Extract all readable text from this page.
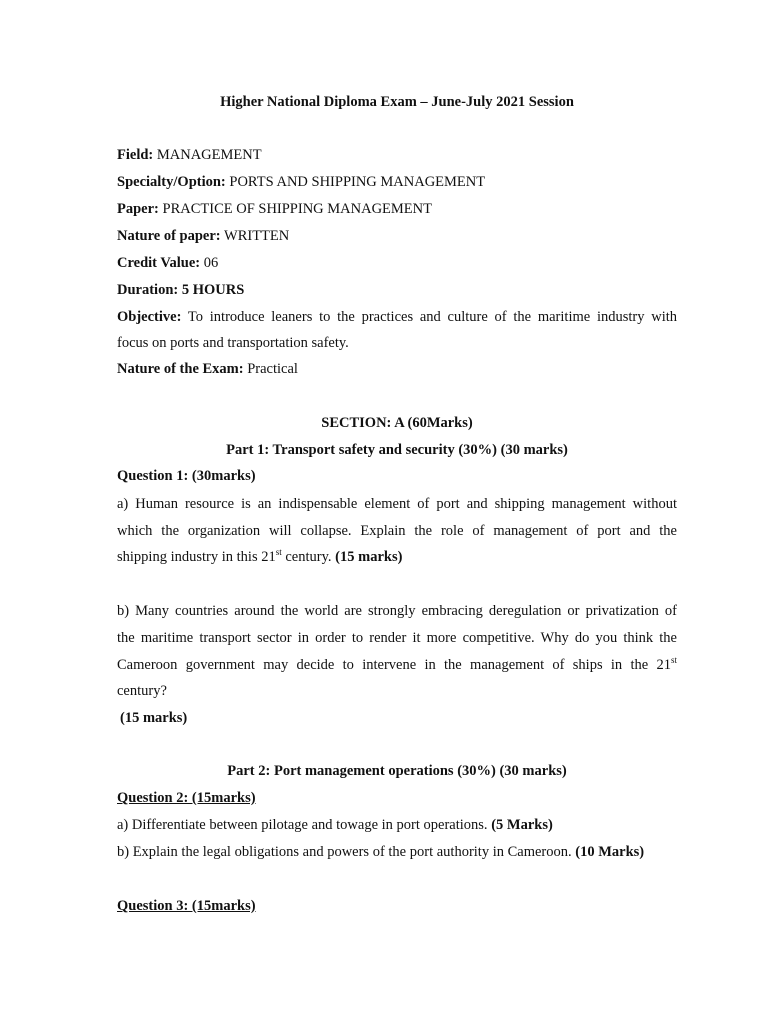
Higher National Diploma Exam – June-July 2021 Session
Field: MANAGEMENT
Specialty/Option: PORTS AND SHIPPING MANAGEMENT
Paper: PRACTICE OF SHIPPING MANAGEMENT
Nature of paper: WRITTEN
Credit Value: 06
Duration: 5 HOURS
Objective: To introduce leaners to the practices and culture of the maritime industry with
focus on ports and transportation safety.
Nature of the Exam: Practical
SECTION: A (60Marks)
Part 1: Transport safety and security (30%) (30 marks)
Question 1: (30marks)
a) Human resource is an indispensable element of port and shipping management without
which the organization will collapse. Explain the role of management of port and the
shipping industry in this 21st century. (15 marks)
b) Many countries around the world are strongly embracing deregulation or privatization of
the maritime transport sector in order to render it more competitive. Why do you think the
Cameroon government may decide to intervene in the management of ships in the 21st
century?
(15 marks)
Part 2: Port management operations (30%) (30 marks)
Question 2: (15marks)
a) Differentiate between pilotage and towage in port operations. (5 Marks)
b) Explain the legal obligations and powers of the port authority in Cameroon. (10 Marks)
Question 3: (15marks)
